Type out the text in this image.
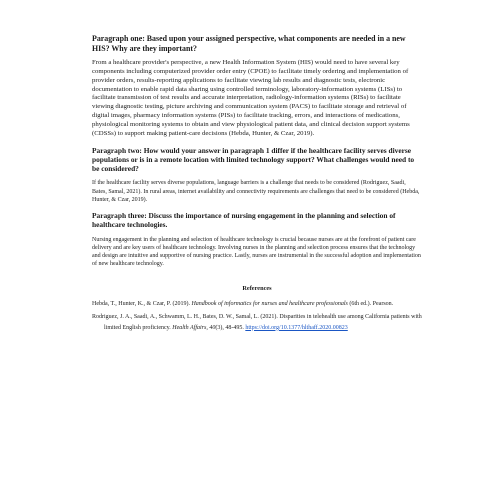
Paragraph one: Based upon your assigned perspective, what components are needed in a new HIS? Why are they important?

From a healthcare provider's perspective, a new Health Information System (HIS) would need to have several key components including computerized provider order entry (CPOE) to facilitate timely ordering and implementation of provider orders, results-reporting applications to facilitate viewing lab results and diagnostic tests, electronic documentation to enable rapid data sharing using controlled terminology, laboratory-information systems (LISs) to facilitate transmission of test results and accurate interpretation, radiology-information systems (RISs) to facilitate viewing diagnostic testing, picture archiving and communication system (PACS) to facilitate storage and retrieval of digital images, pharmacy information systems (PISs) to facilitate tracking, errors, and interactions of medications, physiological monitoring systems to obtain and view physiological patient data, and clinical decision support systems (CDSSs) to support making patient-care decisions (Hebda, Hunter, & Czar, 2019).

Paragraph two: How would your answer in paragraph 1 differ if the healthcare facility serves diverse populations or is in a remote location with limited technology support? What challenges would need to be considered?

If the healthcare facility serves diverse populations, language barriers is a challenge that needs to be considered (Rodriguez, Saadi, Bates, Samal, 2021). In rural areas, internet availability and connectivity requirements are challenges that need to be considered (Hebda, Hunter, & Czar, 2019).

Paragraph three: Discuss the importance of nursing engagement in the planning and selection of healthcare technologies.

Nursing engagement in the planning and selection of healthcare technology is crucial because nurses are at the forefront of patient care delivery and are key users of healthcare technology. Involving nurses in the planning and selection process ensures that the technology and design are intuitive and supportive of nursing practice. Lastly, nurses are instrumental in the successful adoption and implementation of new healthcare technology.

References

Hebda, T., Hunter, K., & Czar, P. (2019). Handbook of informatics for nurses and healthcare professionals (6th ed.). Pearson.

Rodriguez, J. A., Saadi, A., Schwamm, L. H., Bates, D. W., Samal, L. (2021). Disparities in telehealth use among California patients with limited English proficiency. Health Affairs, 40(3), 48-495. https://doi.org/10.1377/hlthaff.2020.00823
